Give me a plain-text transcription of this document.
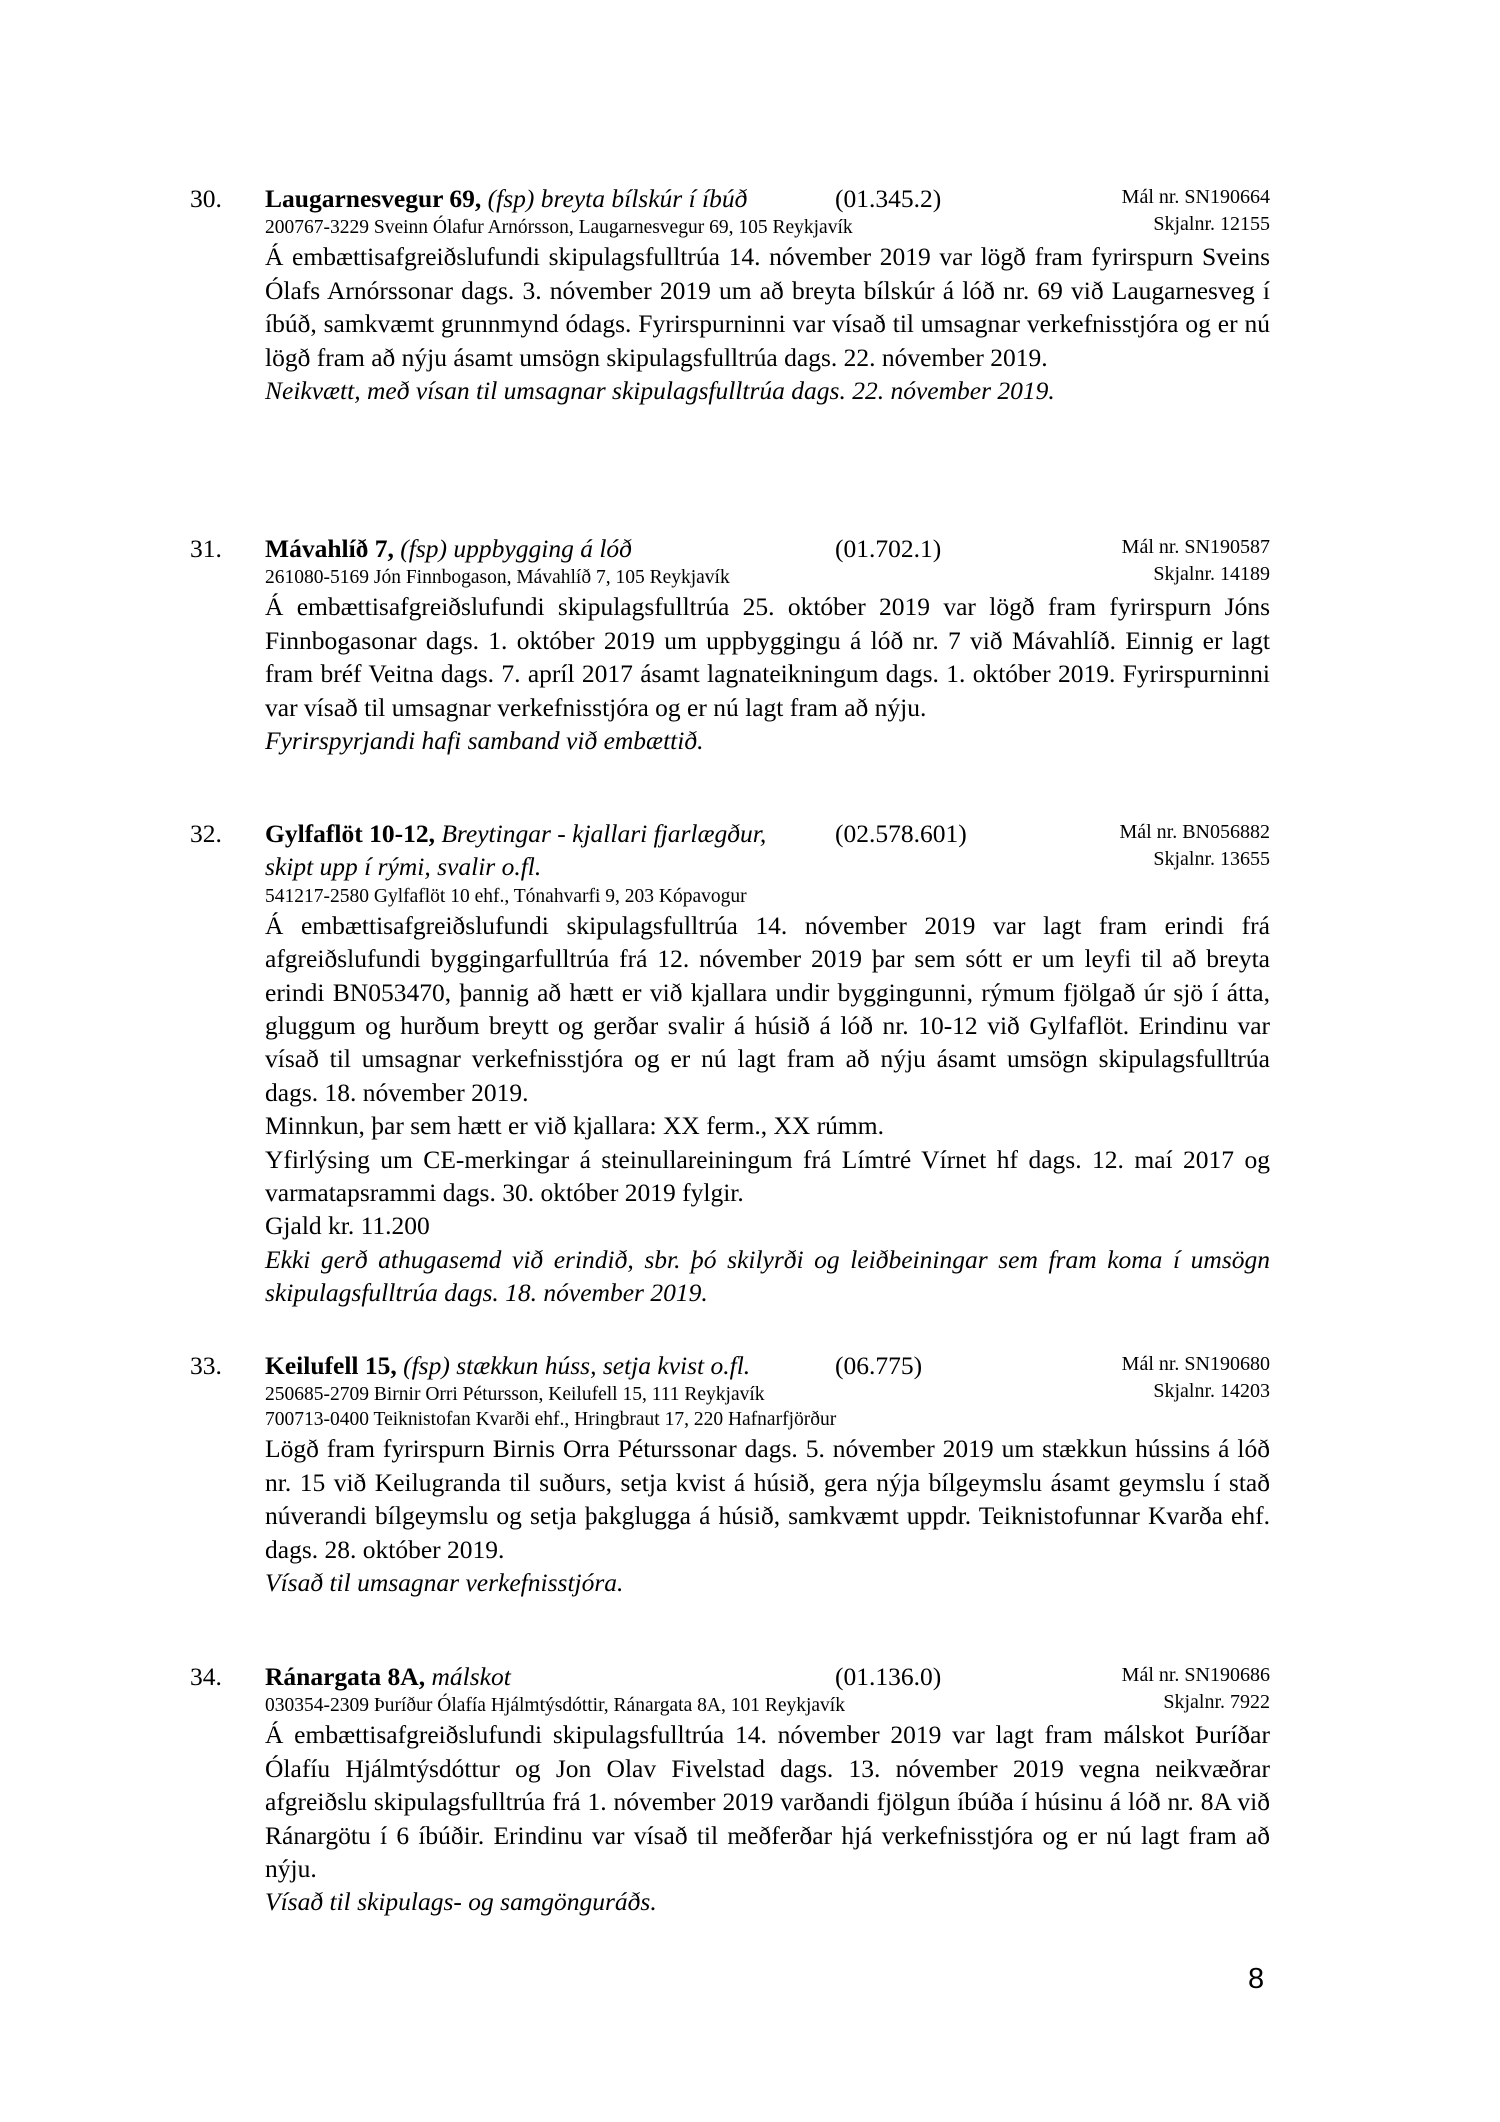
30.	Mál nr. SN190664
Skjalnr. 12155
(01.345.2)
Laugarnesvegur 69, (fsp) breyta bílskúr í íbúð
200767-3229 Sveinn Ólafur Arnórsson, Laugarnesvegur 69, 105 Reykjavík

Á embættisafgreiðslufundi skipulagsfulltrúa 14. nóvember 2019 var lögð fram fyrirspurn Sveins Ólafs Arnórssonar dags. 3. nóvember 2019 um að breyta bílskúr á lóð nr. 69 við Laugarnesveg í íbúð, samkvæmt grunnmynd ódags. Fyrirspurninni var vísað til umsagnar verkefnisstjóra og er nú lögð fram að nýju ásamt umsögn skipulagsfulltrúa dags. 22. nóvember 2019.

Neikvætt, með vísan til umsagnar skipulagsfulltrúa dags. 22. nóvember 2019.

31.	Mál nr. SN190587
Skjalnr. 14189
(01.702.1)
Mávahlíð 7, (fsp) uppbygging á lóð
261080-5169 Jón Finnbogason, Mávahlíð 7, 105 Reykjavík

Á embættisafgreiðslufundi skipulagsfulltrúa 25. október 2019 var lögð fram fyrirspurn Jóns Finnbogasonar dags. 1. október 2019 um uppbyggingu á lóð nr. 7 við Mávahlíð. Einnig er lagt fram bréf Veitna dags. 7. apríl 2017 ásamt lagnateikningum dags. 1. október 2019. Fyrirspurninni var vísað til umsagnar verkefnisstjóra og er nú lagt fram að nýju.

Fyrirspyrjandi hafi samband við embættið.

32.	Mál nr. BN056882
Skjalnr. 13655
(02.578.601)
Gylfaflöt 10-12, Breytingar - kjallari fjarlægður, skipt upp í rými, svalir o.fl.
541217-2580 Gylfaflöt 10 ehf., Tónahvarfi 9, 203 Kópavogur

Á embættisafgreiðslufundi skipulagsfulltrúa 14. nóvember 2019 var lagt fram erindi frá afgreiðslufundi byggingarfulltrúa frá 12. nóvember 2019 þar sem sótt er um leyfi til að breyta erindi BN053470, þannig að hætt er við kjallara undir byggingunni, rýmum fjölgað úr sjö í átta, gluggum og hurðum breytt og gerðar svalir á húsið á lóð nr. 10-12 við Gylfaflöt. Erindinu var vísað til umsagnar verkefnisstjóra og er nú lagt fram að nýju ásamt umsögn skipulagsfulltrúa dags. 18. nóvember 2019.

Minnkun, þar sem hætt er við kjallara: XX ferm., XX rúmm.

Yfirlýsing um CE-merkingar á steinullareiningum frá Límtré Vírnet hf dags. 12. maí 2017 og varmatapsrammi dags. 30. október 2019 fylgir.

Gjald kr. 11.200

Ekki gerð athugasemd við erindið, sbr. þó skilyrði og leiðbeiningar sem fram koma í umsögn skipulagsfulltrúa dags. 18. nóvember 2019.

33.	Mál nr. SN190680
Skjalnr. 14203
(06.775)
Keilufell 15, (fsp) stækkun húss, setja kvist o.fl.
250685-2709 Birnir Orri Pétursson, Keilufell 15, 111 Reykjavík
700713-0400 Teiknistofan Kvarði ehf., Hringbraut 17, 220 Hafnarfjörður

Lögð fram fyrirspurn Birnis Orra Péturssonar dags. 5. nóvember 2019 um stækkun hússins á lóð nr. 15 við Keilugranda til suðurs, setja kvist á húsið, gera nýja bílgeymslu ásamt geymslu í stað núverandi bílgeymslu og setja þakglugga á húsið, samkvæmt uppdr. Teiknistofunnar Kvarða ehf. dags. 28. október 2019.

Vísað til umsagnar verkefnisstjóra.

34.	Mál nr. SN190686
Skjalnr. 7922
(01.136.0)
Ránargata 8A, málskot
030354-2309 Þuríður Ólafía Hjálmtýsdóttir, Ránargata 8A, 101 Reykjavík

Á embættisafgreiðslufundi skipulagsfulltrúa 14. nóvember 2019 var lagt fram málskot Þuríðar Ólafíu Hjálmtýsdóttur og Jon Olav Fivelstad dags. 13. nóvember 2019 vegna neikvæðrar afgreiðslu skipulagsfulltrúa frá 1. nóvember 2019 varðandi fjölgun íbúða í húsinu á lóð nr. 8A við Ránargötu í 6 íbúðir. Erindinu var vísað til meðferðar hjá verkefnisstjóra og er nú lagt fram að nýju.

Vísað til skipulags- og samgönguráðs.

8
